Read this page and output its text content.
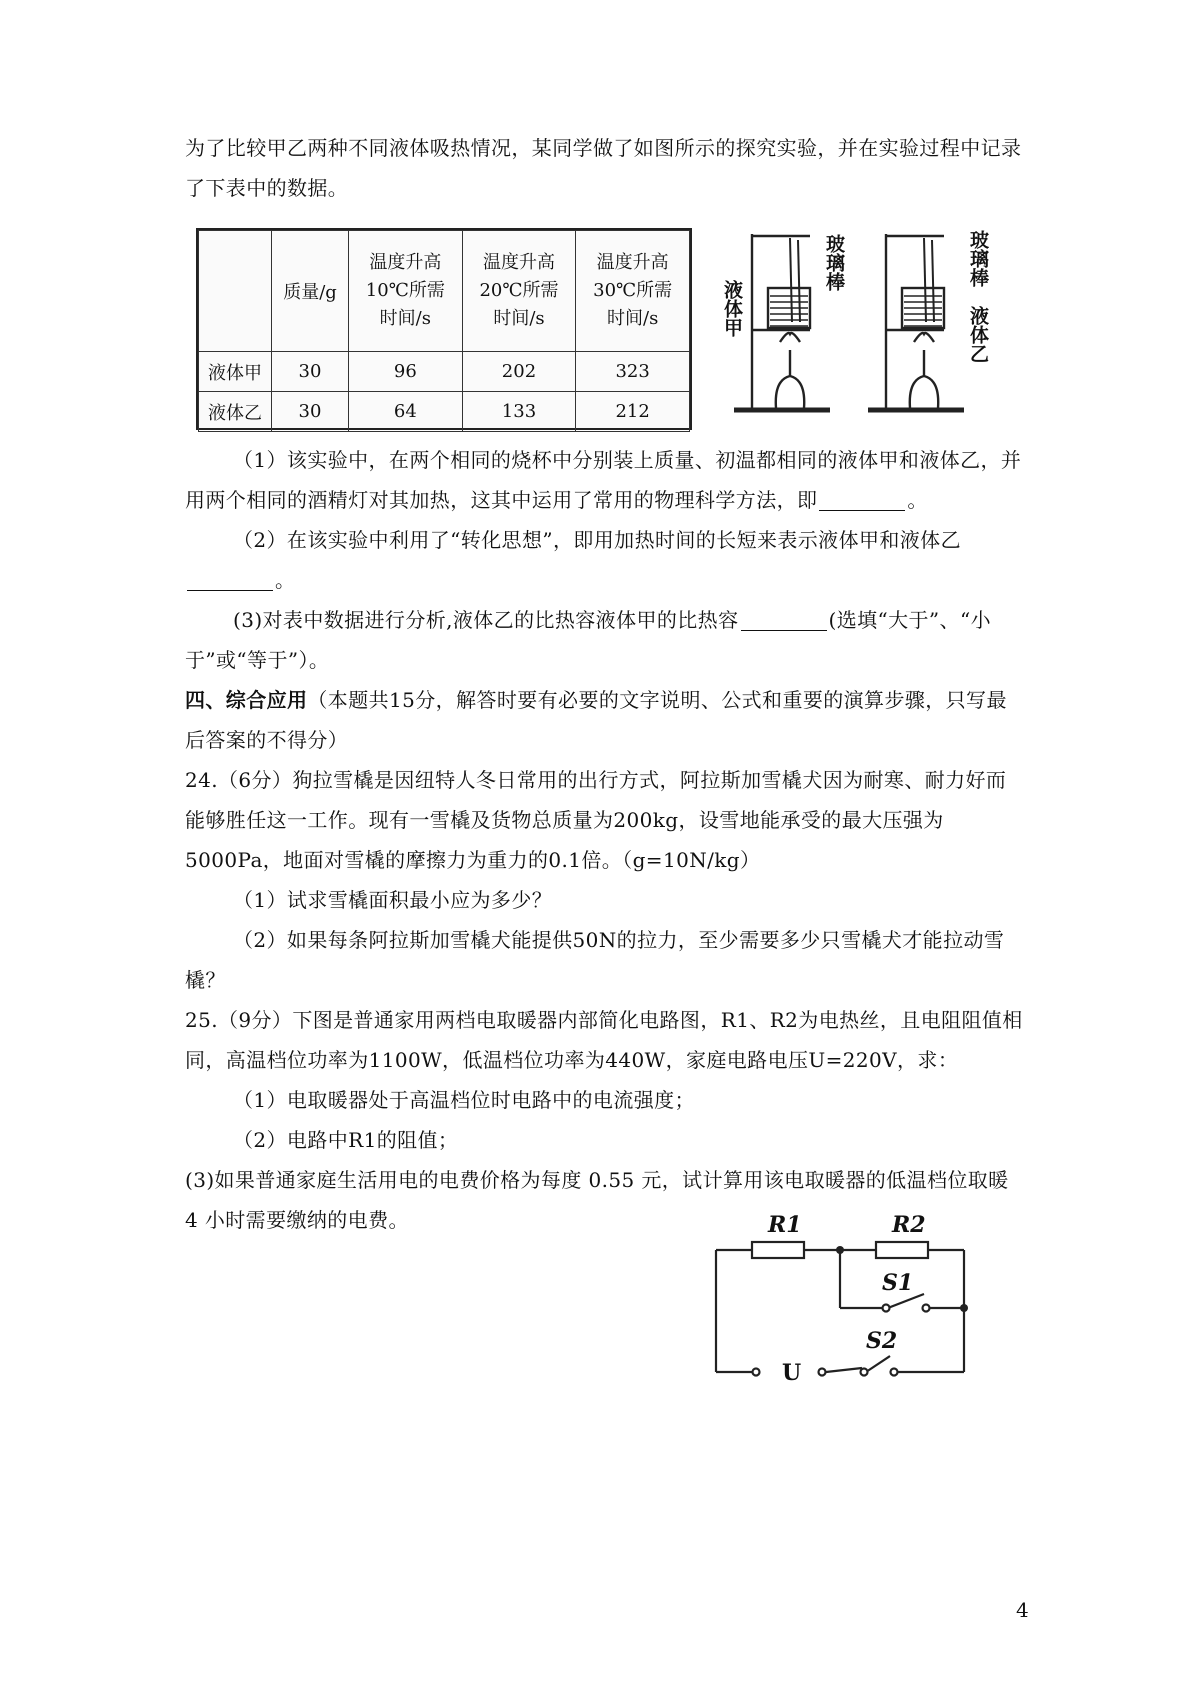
为了比较甲乙两种不同液体吸热情况，某同学做了如图所示的探究实验，并在实验过程中记录了下表中的数据。

	质量/g	温度升高
10℃所需
时间/s	温度升高
20℃所需
时间/s	温度升高
30℃所需
时间/s

液体甲	30	96	202	323
液体乙	30	64	133	212
玻璃棒
液体甲
玻璃棒
液体乙

（1）该实验中，在两个相同的烧杯中分别装上质量、初温都相同的液体甲和液体乙，并用两个相同的酒精灯对其加热，这其中运用了常用的物理科学方法，即	。

（2）在该实验中利用了“转化思想”，即用加热时间的长短来表示液体甲和液体乙。

(3)对表中数据进行分析,液体乙的比热容液体甲的比热容	(选填“大于”、“小于”或“等于”）。

四、综合应用（本题共15分，解答时要有必要的文字说明、公式和重要的演算步骤，只写最后答案的不得分）

24.（6分）狗拉雪橇是因纽特人冬日常用的出行方式，阿拉斯加雪橇犬因为耐寒、耐力好而能够胜任这一工作。现有一雪橇及货物总质量为200kg，设雪地能承受的最大压强为5000Pa，地面对雪橇的摩擦力为重力的0.1倍。（g=10N/kg）

（1）试求雪橇面积最小应为多少？

（2）如果每条阿拉斯加雪橇犬能提供50N的拉力，至少需要多少只雪橇犬才能拉动雪橇？

25.（9分）下图是普通家用两档电取暖器内部简化电路图，R1、R2为电热丝，且电阻阻值相同，高温档位功率为1100W，低温档位功率为440W，家庭电路电压U=220V，求：

（1）电取暖器处于高温档位时电路中的电流强度；

（2）电路中R1的阻值；

(3)如果普通家庭生活用电的电费价格为每度 0.55 元，试计算用该电取暖器的低温档位取暖 4 小时需要缴纳的电费。	R1	R2
S1
S2
U
4
